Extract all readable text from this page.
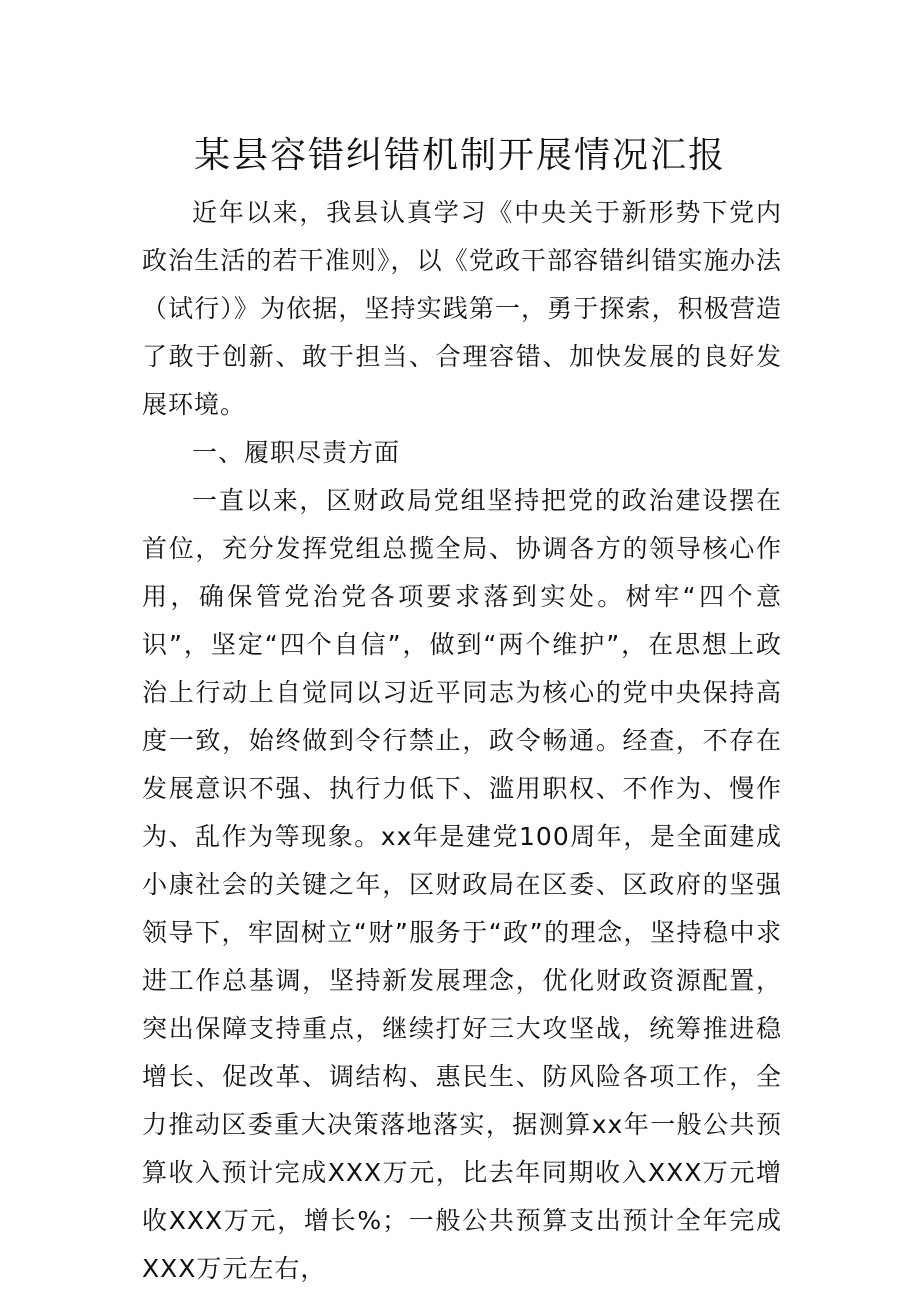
某县容错纠错机制开展情况汇报

近年以来，我县认真学习《中央关于新形势下党内政治生活的若干准则》，以《党政干部容错纠错实施办法（试行）》为依据，坚持实践第一，勇于探索，积极营造了敢于创新、敢于担当、合理容错、加快发展的良好发展环境。

一、履职尽责方面

一直以来，区财政局党组坚持把党的政治建设摆在首位，充分发挥党组总揽全局、协调各方的领导核心作用，确保管党治党各项要求落到实处。树牢“四个意识”，坚定“四个自信”，做到“两个维护”，在思想上政治上行动上自觉同以习近平同志为核心的党中央保持高度一致，始终做到令行禁止，政令畅通。经查，不存在发展意识不强、执行力低下、滥用职权、不作为、慢作为、乱作为等现象。xx年是建党100周年，是全面建成小康社会的关键之年，区财政局在区委、区政府的坚强领导下，牢固树立“财”服务于“政”的理念，坚持稳中求进工作总基调，坚持新发展理念，优化财政资源配置，突出保障支持重点，继续打好三大攻坚战，统筹推进稳增长、促改革、调结构、惠民生、防风险各项工作，全力推动区委重大决策落地落实，据测算xx年一般公共预算收入预计完成XXX万元，比去年同期收入XXX万元增收XXX万元，增长%；一般公共预算支出预计全年完成XXX万元左右，
